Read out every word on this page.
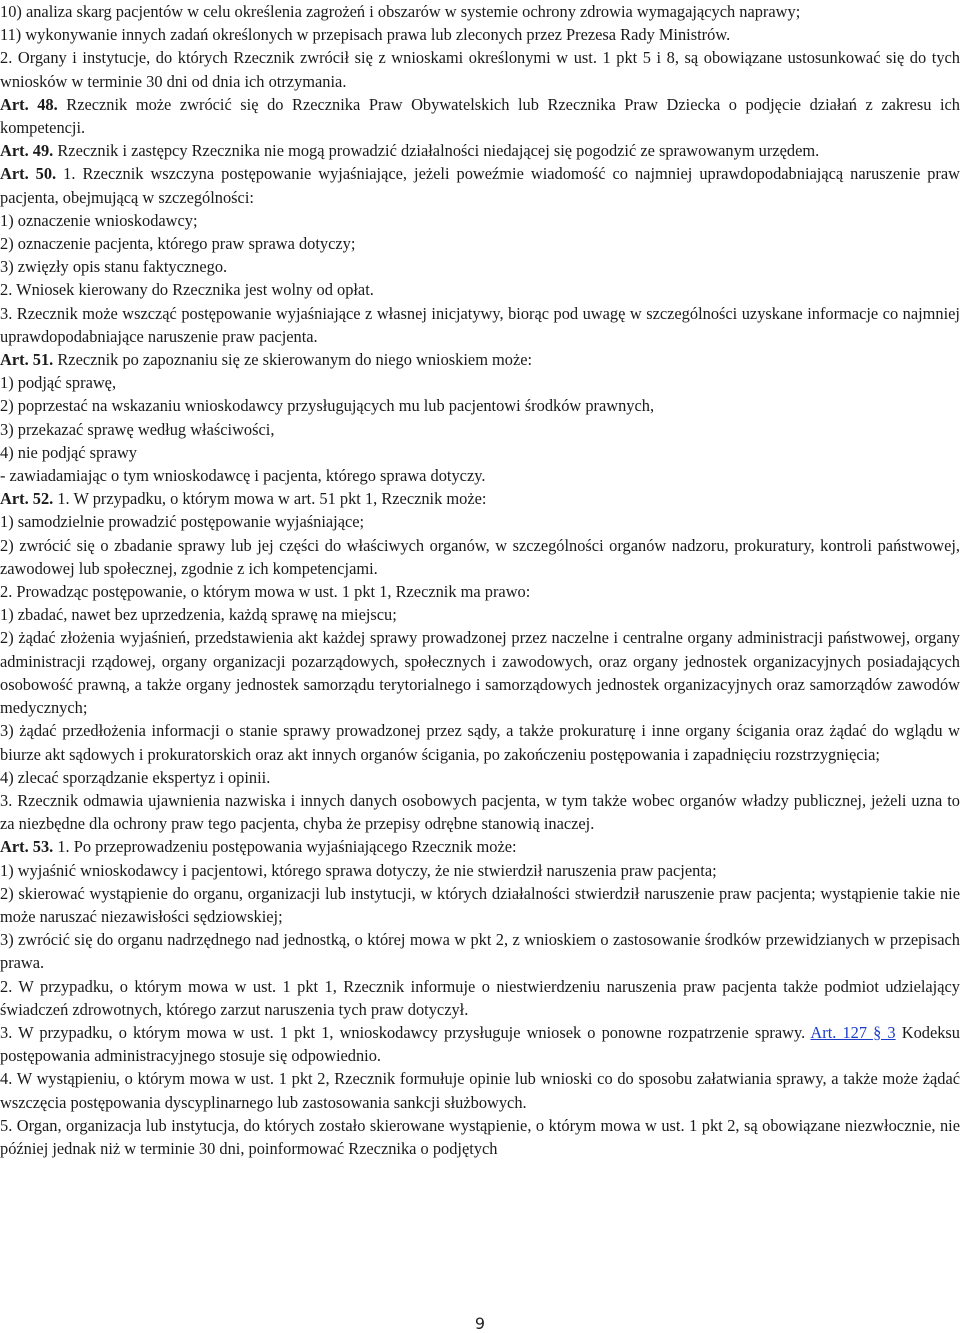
10) analiza skarg pacjentów w celu określenia zagrożeń i obszarów w systemie ochrony zdrowia wymagających naprawy;

11) wykonywanie innych zadań określonych w przepisach prawa lub zleconych przez Prezesa Rady Ministrów.

2. Organy i instytucje, do których Rzecznik zwrócił się z wnioskami określonymi w ust. 1 pkt 5 i 8, są obowiązane ustosunkować się do tych wniosków w terminie 30 dni od dnia ich otrzymania.

Art. 48. Rzecznik może zwrócić się do Rzecznika Praw Obywatelskich lub Rzecznika Praw Dziecka o podjęcie działań z zakresu ich kompetencji.

Art. 49. Rzecznik i zastępcy Rzecznika nie mogą prowadzić działalności niedającej się pogodzić ze sprawowanym urzędem.

Art. 50. 1. Rzecznik wszczyna postępowanie wyjaśniające, jeżeli poweźmie wiadomość co najmniej uprawdopodabniającą naruszenie praw pacjenta, obejmującą w szczególności:

1) oznaczenie wnioskodawcy;

2) oznaczenie pacjenta, którego praw sprawa dotyczy;

3) zwięzły opis stanu faktycznego.

2. Wniosek kierowany do Rzecznika jest wolny od opłat.

3. Rzecznik może wszcząć postępowanie wyjaśniające z własnej inicjatywy, biorąc pod uwagę w szczególności uzyskane informacje co najmniej uprawdopodabniające naruszenie praw pacjenta.

Art. 51. Rzecznik po zapoznaniu się ze skierowanym do niego wnioskiem może:

1) podjąć sprawę,

2) poprzestać na wskazaniu wnioskodawcy przysługujących mu lub pacjentowi środków prawnych,

3) przekazać sprawę według właściwości,

4) nie podjąć sprawy

- zawiadamiając o tym wnioskodawcę i pacjenta, którego sprawa dotyczy.

Art. 52. 1. W przypadku, o którym mowa w art. 51 pkt 1, Rzecznik może:

1) samodzielnie prowadzić postępowanie wyjaśniające;

2) zwrócić się o zbadanie sprawy lub jej części do właściwych organów, w szczególności organów nadzoru, prokuratury, kontroli państwowej, zawodowej lub społecznej, zgodnie z ich kompetencjami.

2. Prowadząc postępowanie, o którym mowa w ust. 1 pkt 1, Rzecznik ma prawo:

1) zbadać, nawet bez uprzedzenia, każdą sprawę na miejscu;

2) żądać złożenia wyjaśnień, przedstawienia akt każdej sprawy prowadzonej przez naczelne i centralne organy administracji państwowej, organy administracji rządowej, organy organizacji pozarządowych, społecznych i zawodowych, oraz organy jednostek organizacyjnych posiadających osobowość prawną, a także organy jednostek samorządu terytorialnego i samorządowych jednostek organizacyjnych oraz samorządów zawodów medycznych;

3) żądać przedłożenia informacji o stanie sprawy prowadzonej przez sądy, a także prokuraturę i inne organy ścigania oraz żądać do wglądu w biurze akt sądowych i prokuratorskich oraz akt innych organów ścigania, po zakończeniu postępowania i zapadnięciu rozstrzygnięcia;

4) zlecać sporządzanie ekspertyz i opinii.

3. Rzecznik odmawia ujawnienia nazwiska i innych danych osobowych pacjenta, w tym także wobec organów władzy publicznej, jeżeli uzna to za niezbędne dla ochrony praw tego pacjenta, chyba że przepisy odrębne stanowią inaczej.

Art. 53. 1. Po przeprowadzeniu postępowania wyjaśniającego Rzecznik może:

1) wyjaśnić wnioskodawcy i pacjentowi, którego sprawa dotyczy, że nie stwierdził naruszenia praw pacjenta;

2) skierować wystąpienie do organu, organizacji lub instytucji, w których działalności stwierdził naruszenie praw pacjenta; wystąpienie takie nie może naruszać niezawisłości sędziowskiej;

3) zwrócić się do organu nadrzędnego nad jednostką, o której mowa w pkt 2, z wnioskiem o zastosowanie środków przewidzianych w przepisach prawa.

2. W przypadku, o którym mowa w ust. 1 pkt 1, Rzecznik informuje o niestwierdzeniu naruszenia praw pacjenta także podmiot udzielający świadczeń zdrowotnych, którego zarzut naruszenia tych praw dotyczył.

3. W przypadku, o którym mowa w ust. 1 pkt 1, wnioskodawcy przysługuje wniosek o ponowne rozpatrzenie sprawy. Art. 127 § 3 Kodeksu postępowania administracyjnego stosuje się odpowiednio.

4. W wystąpieniu, o którym mowa w ust. 1 pkt 2, Rzecznik formułuje opinie lub wnioski co do sposobu załatwiania sprawy, a także może żądać wszczęcia postępowania dyscyplinarnego lub zastosowania sankcji służbowych.

5. Organ, organizacja lub instytucja, do których zostało skierowane wystąpienie, o którym mowa w ust. 1 pkt 2, są obowiązane niezwłocznie, nie później jednak niż w terminie 30 dni, poinformować Rzecznika o podjętych

9
